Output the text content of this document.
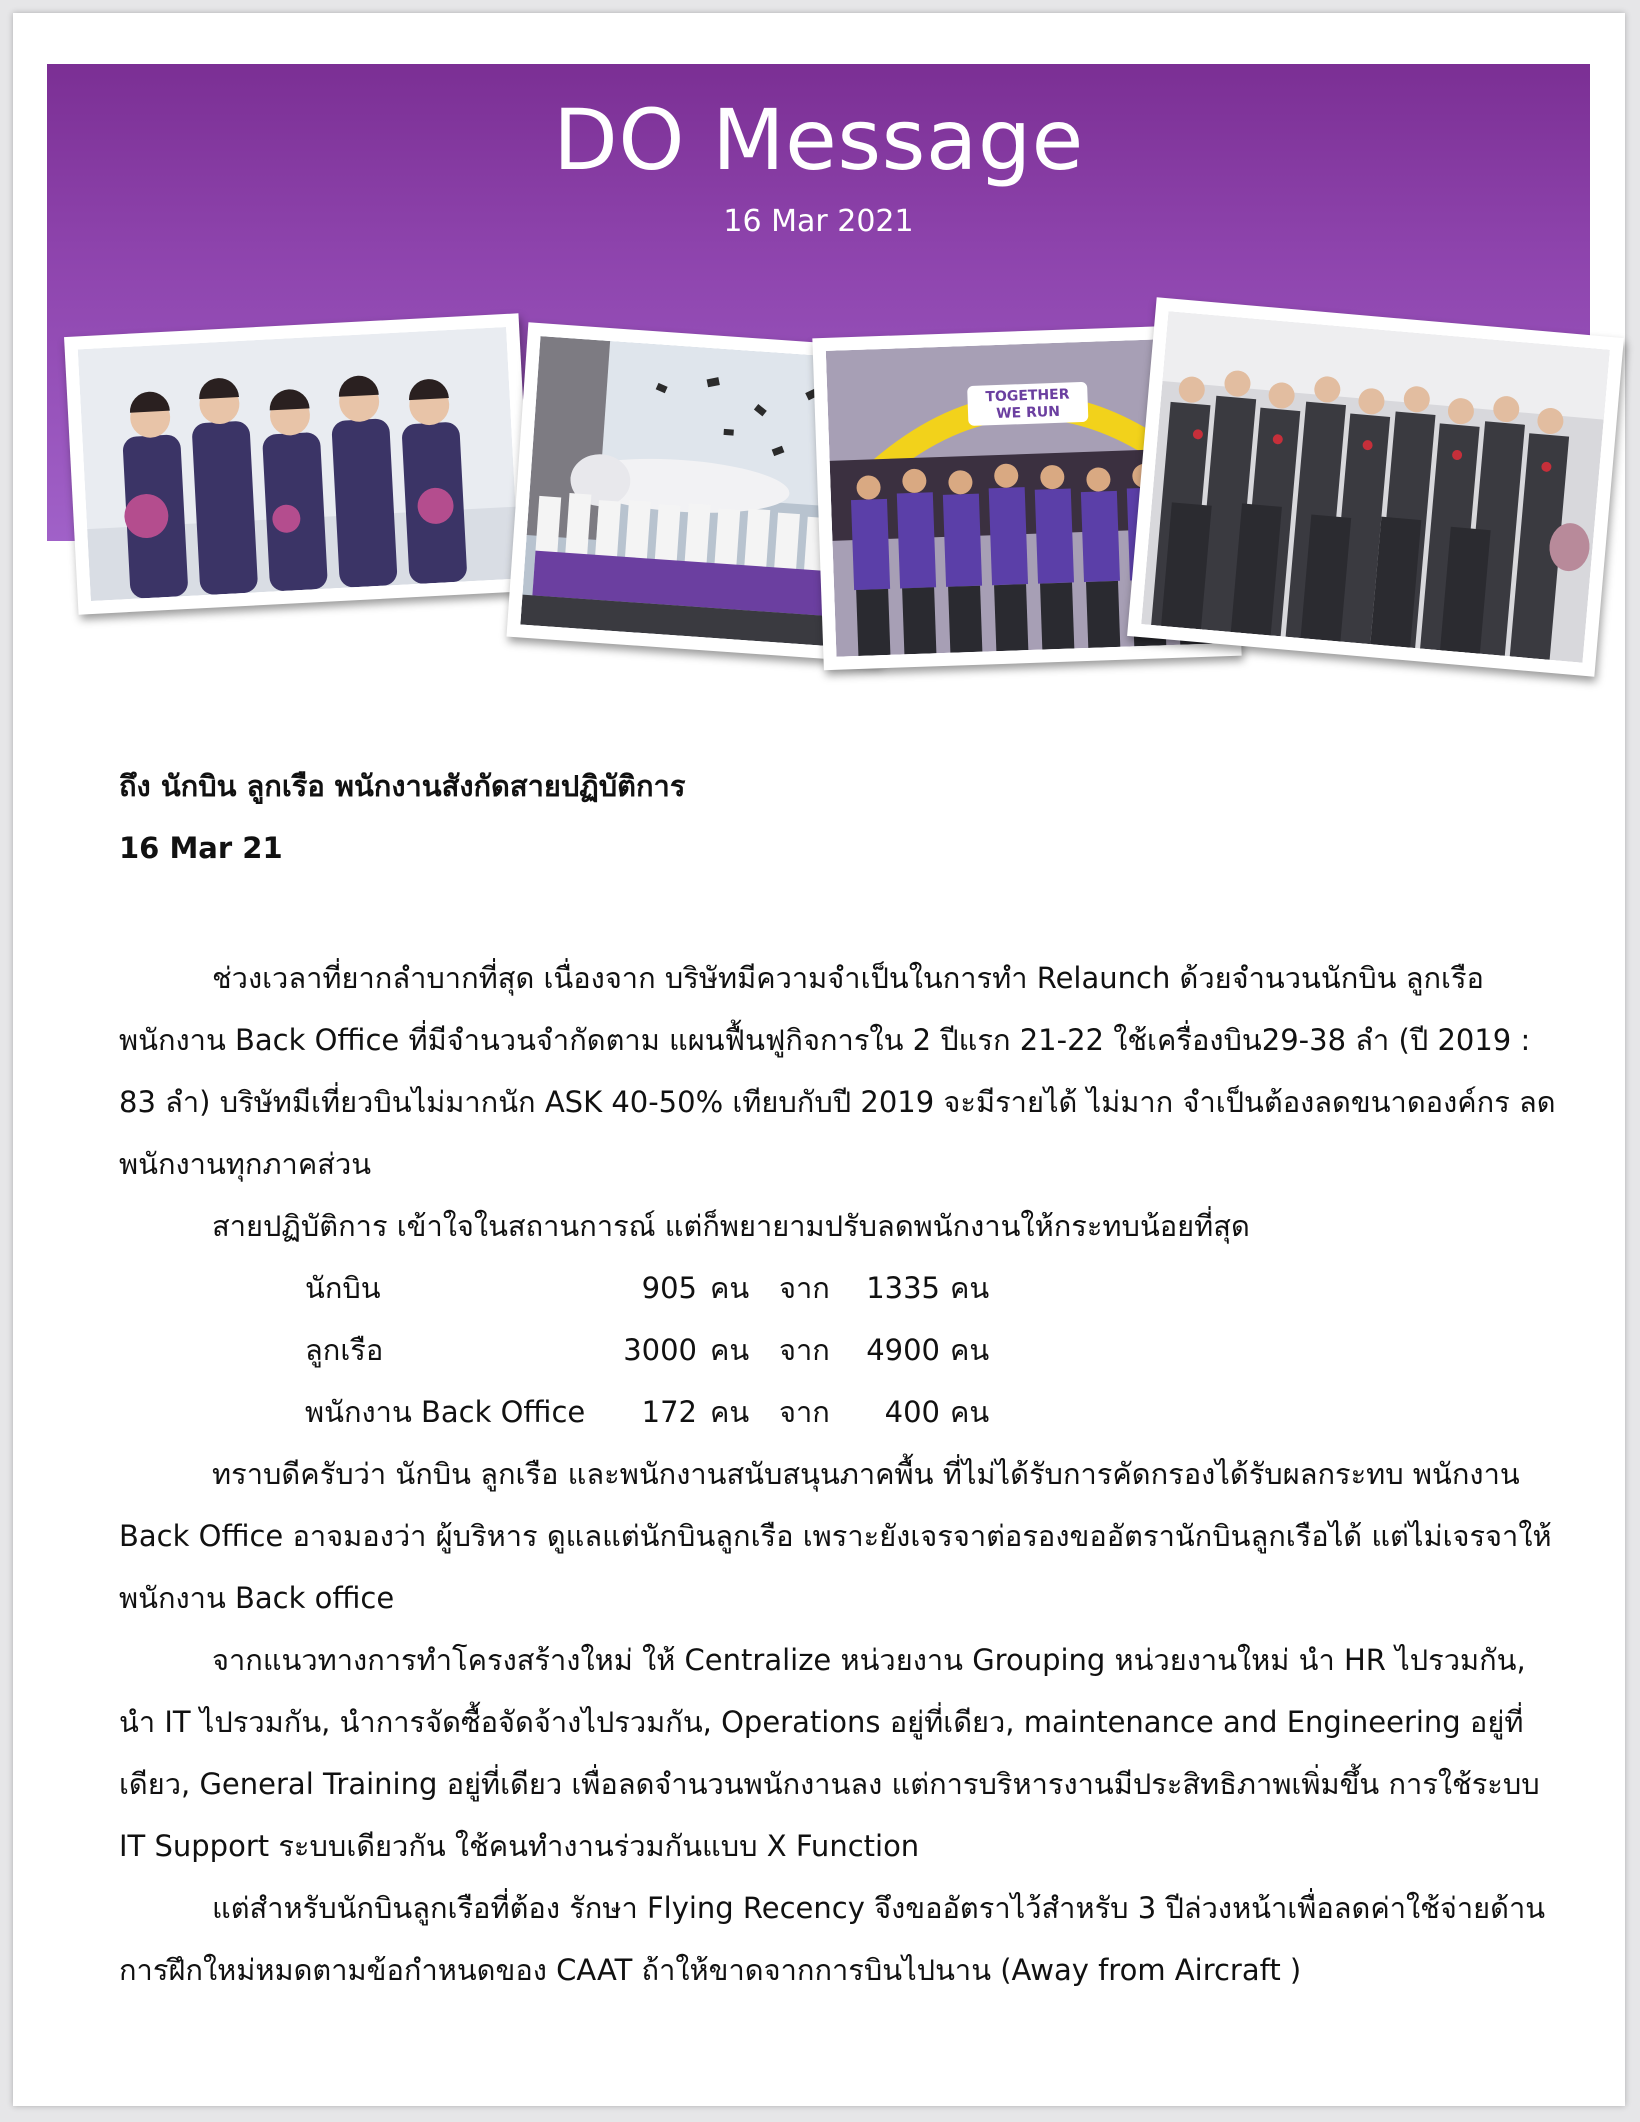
DO Message
16 Mar 2021
TOGETHER
WE RUN
ถึง นักบิน ลูกเรือ พนักงานสังกัดสายปฏิบัติการ
16 Mar 21

ช่วงเวลาที่ยากลำบากที่สุด เนื่องจาก บริษัทมีความจำเป็นในการทำ Relaunch ด้วยจำนวนนักบิน ลูกเรือ พนักงาน Back Office ที่มีจำนวนจำกัดตาม แผนฟื้นฟูกิจการใน 2 ปีแรก 21-22 ใช้เครื่องบิน29-38 ลำ (ปี 2019 : 83 ลำ) บริษัทมีเที่ยวบินไม่มากนัก ASK 40-50% เทียบกับปี 2019 จะมีรายได้ ไม่มาก จำเป็นต้องลดขนาดองค์กร ลดพนักงานทุกภาคส่วน

สายปฏิบัติการ เข้าใจในสถานการณ์ แต่ก็พยายามปรับลดพนักงานให้กระทบน้อยที่สุด

นักบิน	905 คน จาก	1335 คน
ลูกเรือ	3000 คน จาก	4900 คน
พนักงาน Back Office	172 คน จาก	400 คน

ทราบดีครับว่า นักบิน ลูกเรือ และพนักงานสนับสนุนภาคพื้น ที่ไม่ได้รับการคัดกรองได้รับผลกระทบ พนักงาน Back Office อาจมองว่า ผู้บริหาร ดูแลแต่นักบินลูกเรือ เพราะยังเจรจาต่อรองขออัตรานักบินลูกเรือได้ แต่ไม่เจรจาให้พนักงาน Back office

จากแนวทางการทำโครงสร้างใหม่ ให้ Centralize หน่วยงาน Grouping หน่วยงานใหม่ นำ HR ไปรวมกัน, นำ IT ไปรวมกัน, นำการจัดซื้อจัดจ้างไปรวมกัน, Operations อยู่ที่เดียว, maintenance and Engineering อยู่ที่เดียว, General Training อยู่ที่เดียว เพื่อลดจำนวนพนักงานลง แต่การบริหารงานมีประสิทธิภาพเพิ่มขึ้น การใช้ระบบ IT Support ระบบเดียวกัน ใช้คนทำงานร่วมกันแบบ X Function

แต่สำหรับนักบินลูกเรือที่ต้อง รักษา Flying Recency จึงขออัตราไว้สำหรับ 3 ปีล่วงหน้าเพื่อลดค่าใช้จ่ายด้านการฝึกใหม่หมดตามข้อกำหนดของ CAAT ถ้าให้ขาดจากการบินไปนาน (Away from Aircraft )
